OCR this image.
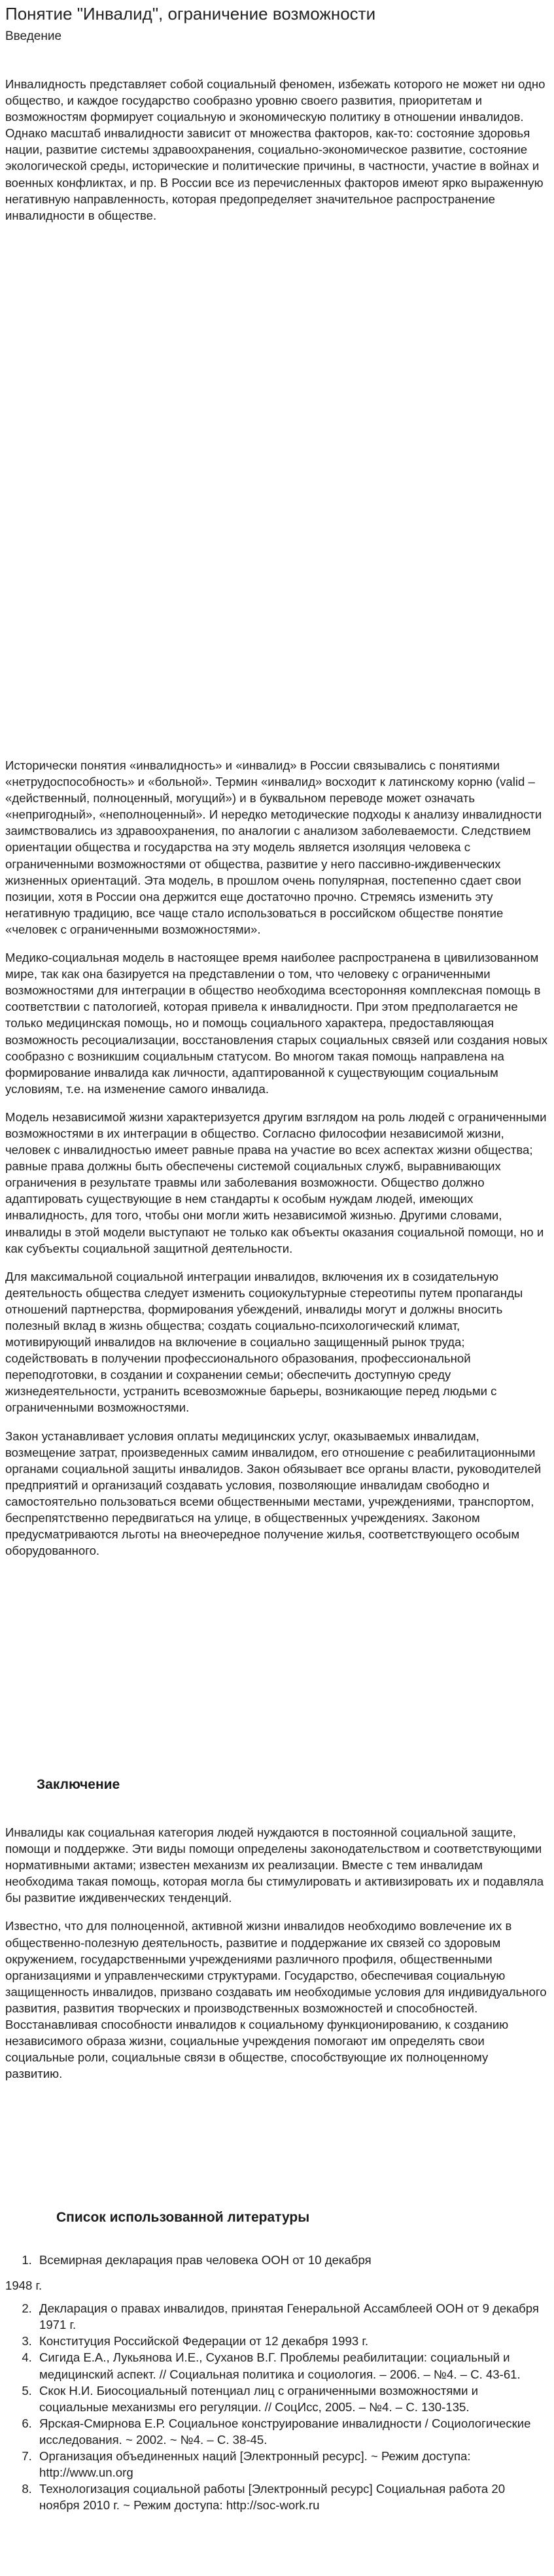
Понятие "Инвалид", ограничение возможности
Введение

Инвалидность представляет собой социальный феномен, избежать которого не может ни одно общество, и каждое государство сообразно уровню своего развития, приоритетам и возможностям формирует социальную и экономическую политику в отношении инвалидов. Однако масштаб инвалидности зависит от множества факторов, как-то: состояние здоровья нации, развитие системы здравоохранения, социально-экономическое развитие, состояние экологической среды, исторические и политические причины, в частности, участие в войнах и военных конфликтах, и пр. В России все из перечисленных факторов имеют ярко выраженную негативную направленность, которая предопределяет значительное распространение инвалидности в обществе.

Исторически понятия «инвалидность» и «инвалид» в России связывались с понятиями «нетрудоспособность» и «больной». Термин «инвалид» восходит к латинскому корню (valid – «действенный, полноценный, могущий») и в буквальном переводе может означать «непригодный», «неполноценный». И нередко методические подходы к анализу инвалидности заимствовались из здравоохранения, по аналогии с анализом заболеваемости. Следствием ориентации общества и государства на эту модель является изоляция человека с ограниченными возможностями от общества, развитие у него пассивно-иждивенческих жизненных ориентаций. Эта модель, в прошлом очень популярная, постепенно сдает свои позиции, хотя в России она держится еще достаточно прочно. Стремясь изменить эту негативную традицию, все чаще стало использоваться в российском обществе понятие «человек с ограниченными возможностями».

Медико-социальная модель в настоящее время наиболее распространена в цивилизованном мире, так как она базируется на представлении о том, что человеку с ограниченными возможностями для интеграции в общество необходима всесторонняя комплексная помощь в соответствии с патологией, которая привела к инвалидности. При этом предполагается не только медицинская помощь, но и помощь социального характера, предоставляющая возможность ресоциализации, восстановления старых социальных связей или создания новых сообразно с возникшим социальным статусом. Во многом такая помощь направлена на формирование инвалида как личности, адаптированной к существующим социальным условиям, т.е. на изменение самого инвалида.

Модель независимой жизни характеризуется другим взглядом на роль людей с ограниченными возможностями в их интеграции в общество. Согласно философии независимой жизни, человек с инвалидностью имеет равные права на участие во всех аспектах жизни общества; равные права должны быть обеспечены системой социальных служб, выравнивающих ограничения в результате травмы или заболевания возможности. Общество должно адаптировать существующие в нем стандарты к особым нуждам людей, имеющих инвалидность, для того, чтобы они могли жить независимой жизнью. Другими словами, инвалиды в этой модели выступают не только как объекты оказания социальной помощи, но и как субъекты социальной защитной деятельности.

Для максимальной социальной интеграции инвалидов, включения их в созидательную деятельность общества следует изменить социокультурные стереотипы путем пропаганды отношений партнерства, формирования убеждений, инвалиды могут и должны вносить полезный вклад в жизнь общества; создать социально-психологический климат, мотивирующий инвалидов на включение в социально защищенный рынок труда; содействовать в получении профессионального образования, профессиональной переподготовки, в создании и сохранении семьи; обеспечить доступную среду жизнедеятельности, устранить всевозможные барьеры, возникающие перед людьми с ограниченными возможностями.

Закон устанавливает условия оплаты медицинских услуг, оказываемых инвалидам, возмещение затрат, произведенных самим инвалидом, его отношение с реабилитационными органами социальной защиты инвалидов. Закон обязывает все органы власти, руководителей предприятий и организаций создавать условия, позволяющие инвалидам свободно и самостоятельно пользоваться всеми общественными местами, учреждениями, транспортом, беспрепятственно передвигаться на улице, в общественных учреждениях. Законом предусматриваются льготы на внеочередное получение жилья, соответствующего особым оборудованного.

Заключение

Инвалиды как социальная категория людей нуждаются в постоянной социальной защите, помощи и поддержке. Эти виды помощи определены законодательством и соответствующими нормативными актами; известен механизм их реализации. Вместе с тем инвалидам необходима такая помощь, которая могла бы стимулировать и активизировать их и подавляла бы развитие иждивенческих тенденций.

Известно, что для полноценной, активной жизни инвалидов необходимо вовлечение их в общественно-полезную деятельность, развитие и поддержание их связей со здоровым окружением, государственными учреждениями различного профиля, общественными организациями и управленческими структурами. Государство, обеспечивая социальную защищенность инвалидов, призвано создавать им необходимые условия для индивидуального развития, развития творческих и производственных возможностей и способностей. Восстанавливая способности инвалидов к социальному функционированию, к созданию независимого образа жизни, социальные учреждения помогают им определять свои социальные роли, социальные связи в обществе, способствующие их полноценному развитию.

Список использованной литературы
1. Всемирная декларация прав человека ООН от 10 декабря
1948 г.
2. Декларация о правах инвалидов, принятая Генеральной Ассамблеей ООН от 9 декабря 1971 г.
3. Конституция Российской Федерации от 12 декабря 1993 г.
4. Сигида Е.А., Лукьянова И.Е., Суханов В.Г. Проблемы реабилитации: социальный и медицинский аспект. // Социальная политика и социология. – 2006. – №4. – С. 43-61.
5. Скок Н.И. Биосоциальный потенциал лиц с ограниченными возможностями и социальные механизмы его регуляции. // СоцИсс, 2005. – №4. – С. 130-135.
6. Ярская-Смирнова Е.Р. Социальное конструирование инвалидности / Социологические исследования. ~ 2002. ~ №4. – С. 38-45.
7. Организация объединенных наций [Электронный ресурс]. ~ Режим доступа: http://www.un.org
8. Технологизация социальной работы [Электронный ресурс] Социальная работа 20 ноября 2010 г. ~ Режим доступа: http://soc-work.ru
